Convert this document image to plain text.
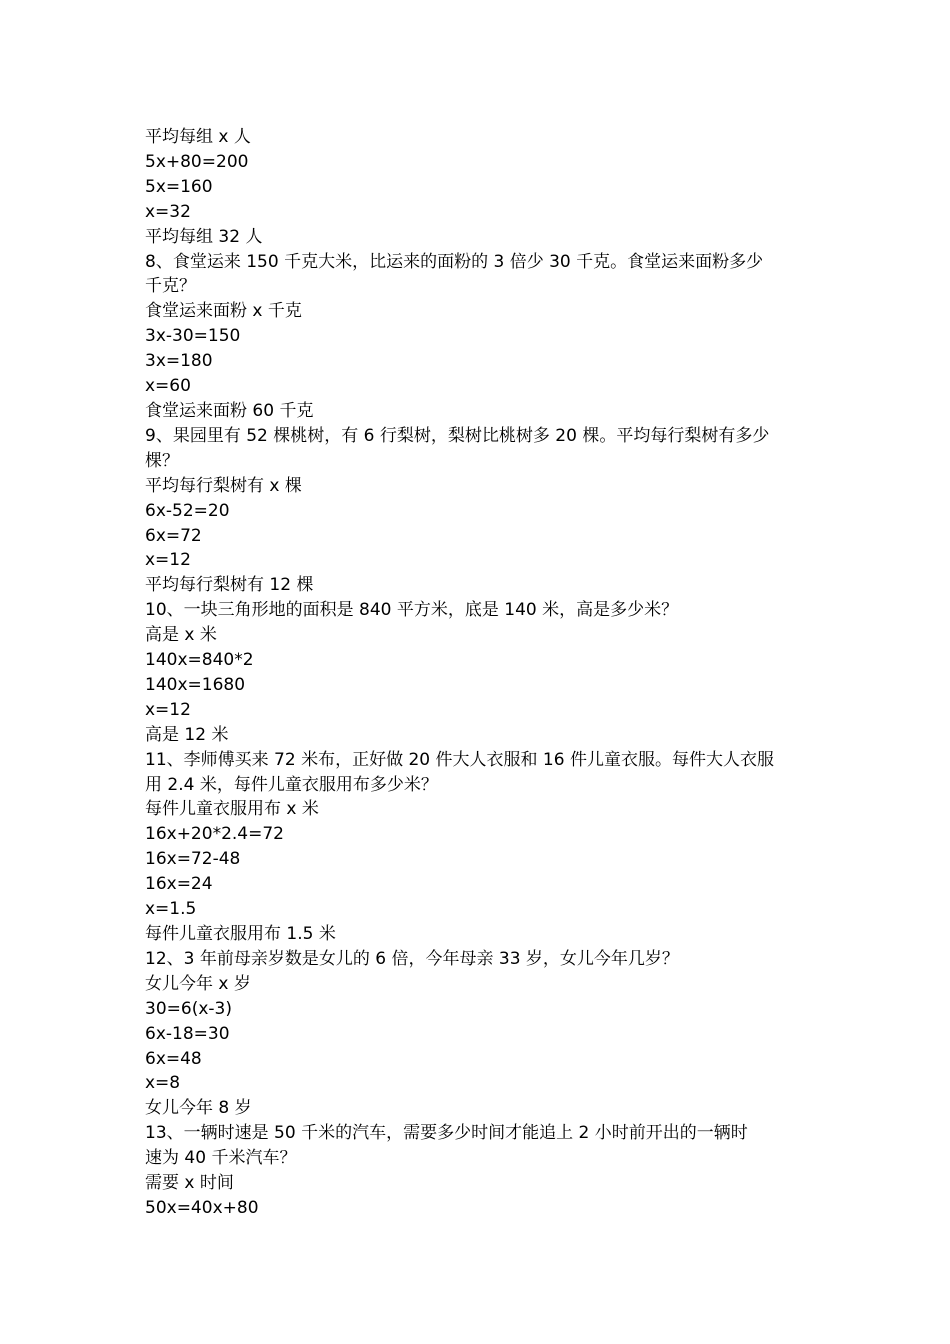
平均每组 x 人

5x+80=200

5x=160

x=32

平均每组 32 人

8、食堂运来 150 千克大米，比运来的面粉的 3 倍少 30 千克。食堂运来面粉多少

千克？

食堂运来面粉 x 千克

3x-30=150

3x=180

x=60

食堂运来面粉 60 千克

9、果园里有 52 棵桃树，有 6 行梨树，梨树比桃树多 20 棵。平均每行梨树有多少

棵？

平均每行梨树有 x 棵

6x-52=20

6x=72

x=12

平均每行梨树有 12 棵

10、一块三角形地的面积是 840 平方米，底是 140 米，高是多少米？

高是 x 米

140x=840*2

140x=1680

x=12

高是 12 米

11、李师傅买来 72 米布，正好做 20 件大人衣服和 16 件儿童衣服。每件大人衣服

用 2.4 米，每件儿童衣服用布多少米？

每件儿童衣服用布 x 米

16x+20*2.4=72

16x=72-48

16x=24

x=1.5

每件儿童衣服用布 1.5 米

12、3 年前母亲岁数是女儿的 6 倍，今年母亲 33 岁，女儿今年几岁？

女儿今年 x 岁

30=6(x-3)

6x-18=30

6x=48

x=8

女儿今年 8 岁

13、一辆时速是 50 千米的汽车，需要多少时间才能追上 2 小时前开出的一辆时

速为 40 千米汽车？

需要 x 时间

50x=40x+80
